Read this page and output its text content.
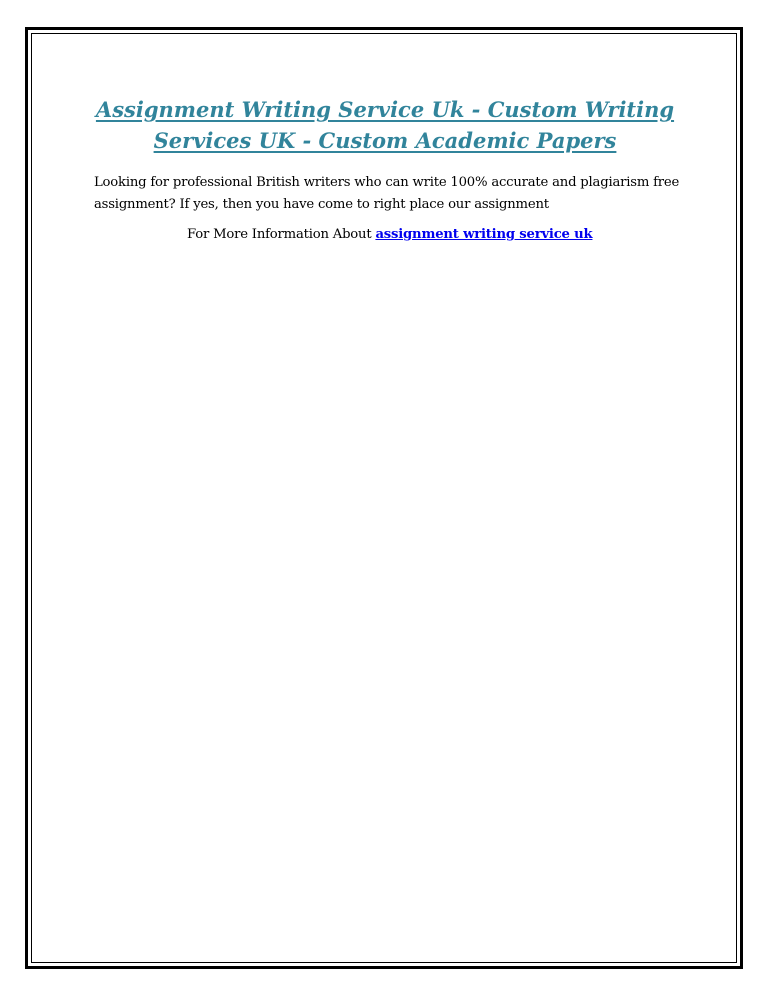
Assignment Writing Service Uk - Custom Writing Services UK - Custom Academic Papers

Looking for professional British writers who can write 100% accurate and plagiarism free assignment? If yes, then you have come to right place our assignment

For More Information About assignment writing service uk
